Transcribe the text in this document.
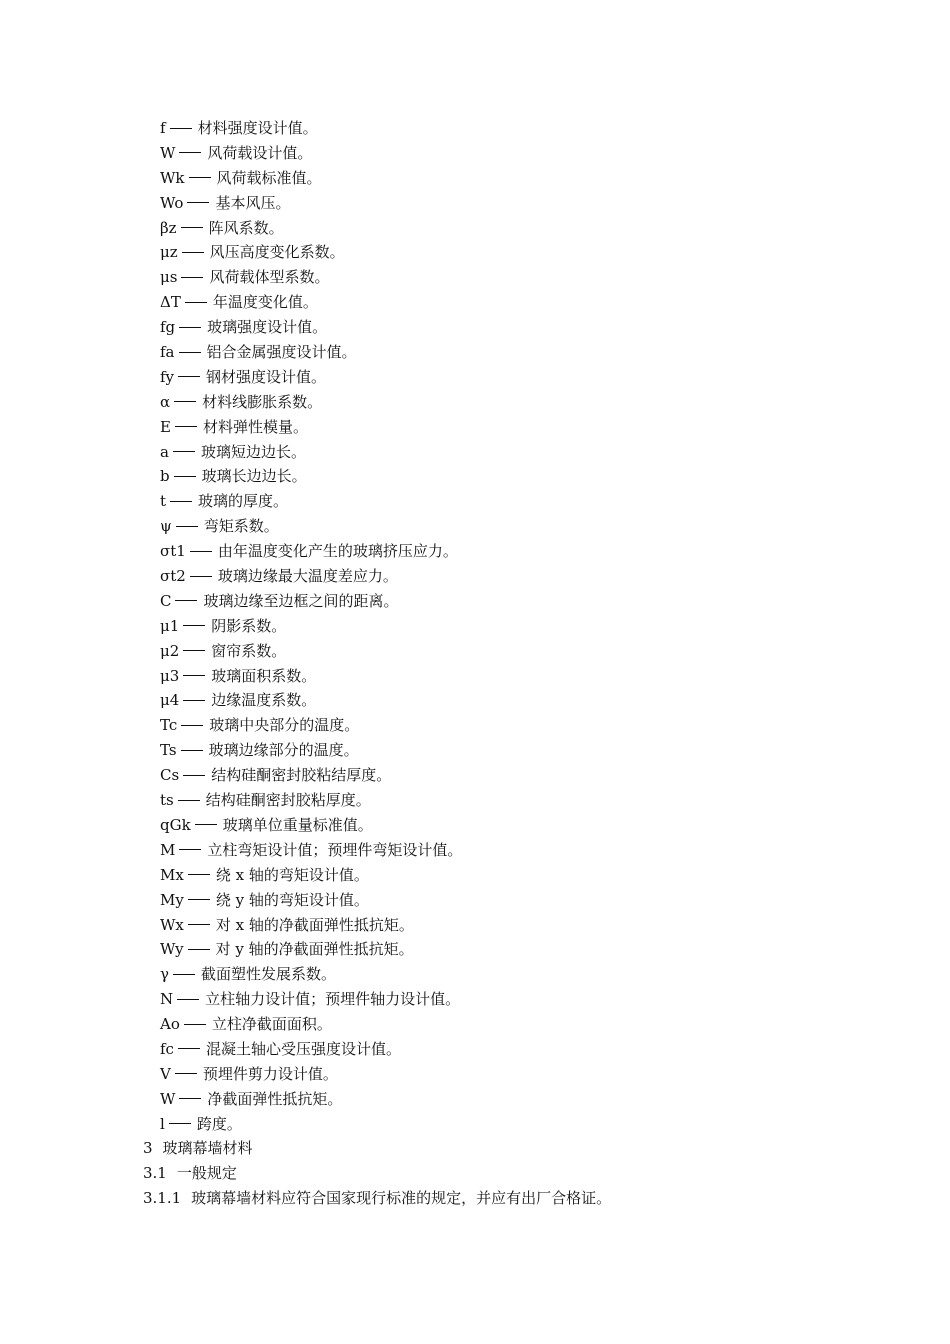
f 材料强度设计值。
W 风荷载设计值。
Wk 风荷载标准值。
Wo 基本风压。
βz 阵风系数。
μz 风压高度变化系数。
μs 风荷载体型系数。
ΔT 年温度变化值。
fg 玻璃强度设计值。
fa 铝合金属强度设计值。
fy 钢材强度设计值。
α 材料线膨胀系数。
E 材料弹性模量。
a 玻璃短边边长。
b 玻璃长边边长。
t 玻璃的厚度。
ψ 弯矩系数。
σt1 由年温度变化产生的玻璃挤压应力。
σt2 玻璃边缘最大温度差应力。
C 玻璃边缘至边框之间的距离。
μ1 阴影系数。
μ2 窗帘系数。
μ3 玻璃面积系数。
μ4 边缘温度系数。
Tc 玻璃中央部分的温度。
Ts 玻璃边缘部分的温度。
Cs 结构硅酮密封胶粘结厚度。
ts 结构硅酮密封胶粘厚度。
qGk 玻璃单位重量标准值。
M 立柱弯矩设计值；预埋件弯矩设计值。
Mx 绕 x 轴的弯矩设计值。
My 绕 y 轴的弯矩设计值。
Wx 对 x 轴的净截面弹性抵抗矩。
Wy 对 y 轴的净截面弹性抵抗矩。
γ 截面塑性发展系数。
N 立柱轴力设计值；预埋件轴力设计值。
Ao 立柱净截面面积。
fc 混凝土轴心受压强度设计值。
V 预埋件剪力设计值。
W 净截面弹性抵抗矩。
l 跨度。
3 玻璃幕墙材料
3.1 一般规定
3.1.1 玻璃幕墙材料应符合国家现行标准的规定，并应有出厂合格证。
